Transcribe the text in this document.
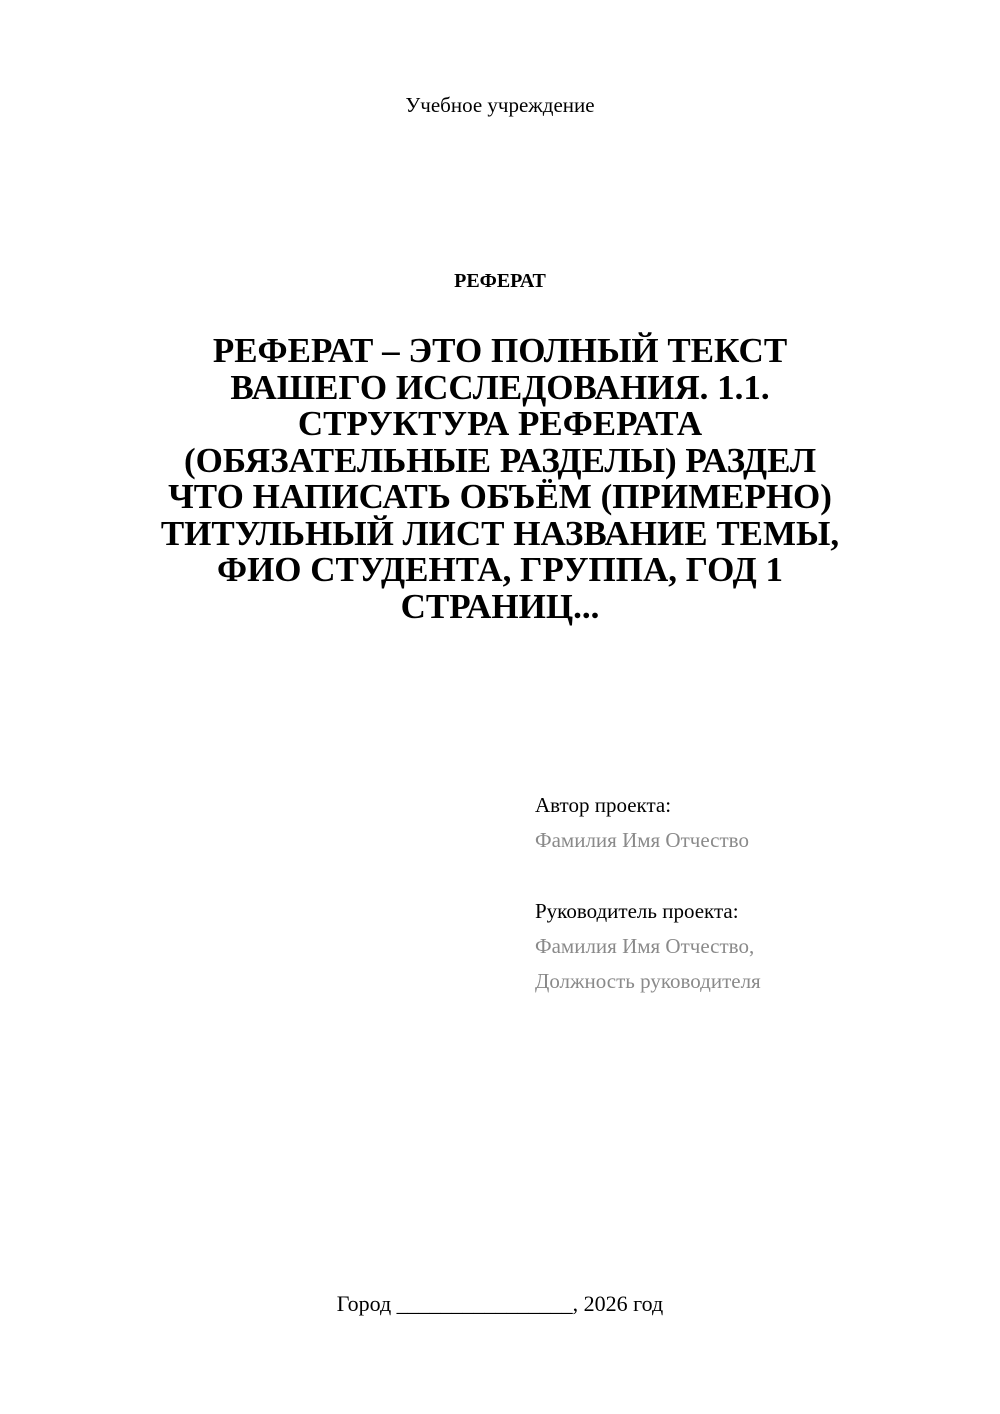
Учебное учреждение
РЕФЕРАТ
РЕФЕРАТ – ЭТО ПОЛНЫЙ ТЕКСТ ВАШЕГО ИССЛЕДОВАНИЯ. 1.1. СТРУКТУРА РЕФЕРАТА (ОБЯЗАТЕЛЬНЫЕ РАЗДЕЛЫ) РАЗДЕЛ ЧТО НАПИСАТЬ ОБЪЁМ (ПРИМЕРНО) ТИТУЛЬНЫЙ ЛИСТ НАЗВАНИЕ ТЕМЫ, ФИО СТУДЕНТА, ГРУППА, ГОД 1 СТРАНИЦ...
Автор проекта:
Фамилия Имя Отчество
Руководитель проекта:
Фамилия Имя Отчество,
Должность руководителя
Город ________________, 2026 год
